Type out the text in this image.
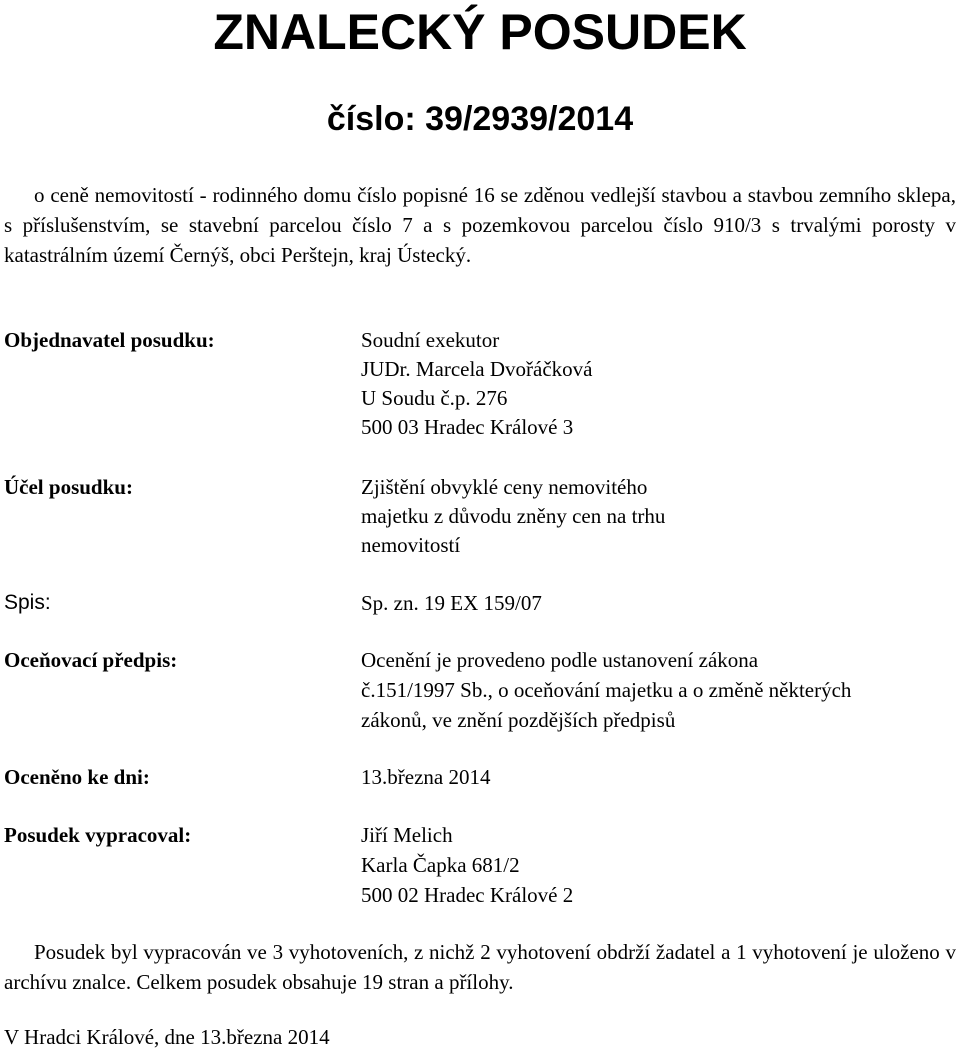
ZNALECKÝ POSUDEK
číslo: 39/2939/2014
o ceně nemovitostí - rodinného domu číslo popisné 16 se zděnou vedlejší stavbou a stavbou zemního sklepa, s příslušenstvím, se stavební parcelou číslo 7 a s pozemkovou parcelou číslo 910/3 s trvalými porosty v katastrálním území Černýš, obci Perštejn, kraj Ústecký.
Objednavatel posudku:	Soudní exekutor
JUDr. Marcela Dvořáčková
U Soudu č.p. 276
500 03 Hradec Králové 3
Účel posudku:	Zjištění obvyklé ceny nemovitého
majetku z důvodu zněny cen na trhu
nemovitostí
Spis:	Sp. zn. 19 EX 159/07
Oceňovací předpis:	Ocenění je provedeno podle ustanovení zákona
č.151/1997 Sb., o oceňování majetku a o změně některých
zákonů, ve znění pozdějších předpisů
Oceněno ke dni:	13.března 2014
Posudek vypracoval:	Jiří Melich
Karla Čapka 681/2
500 02 Hradec Králové 2
Posudek byl vypracován ve 3 vyhotoveních, z nichž 2 vyhotovení obdrží žadatel a 1 vyhotovení je uloženo v archívu znalce. Celkem posudek obsahuje 19 stran a přílohy.
V Hradci Králové, dne 13.března 2014
